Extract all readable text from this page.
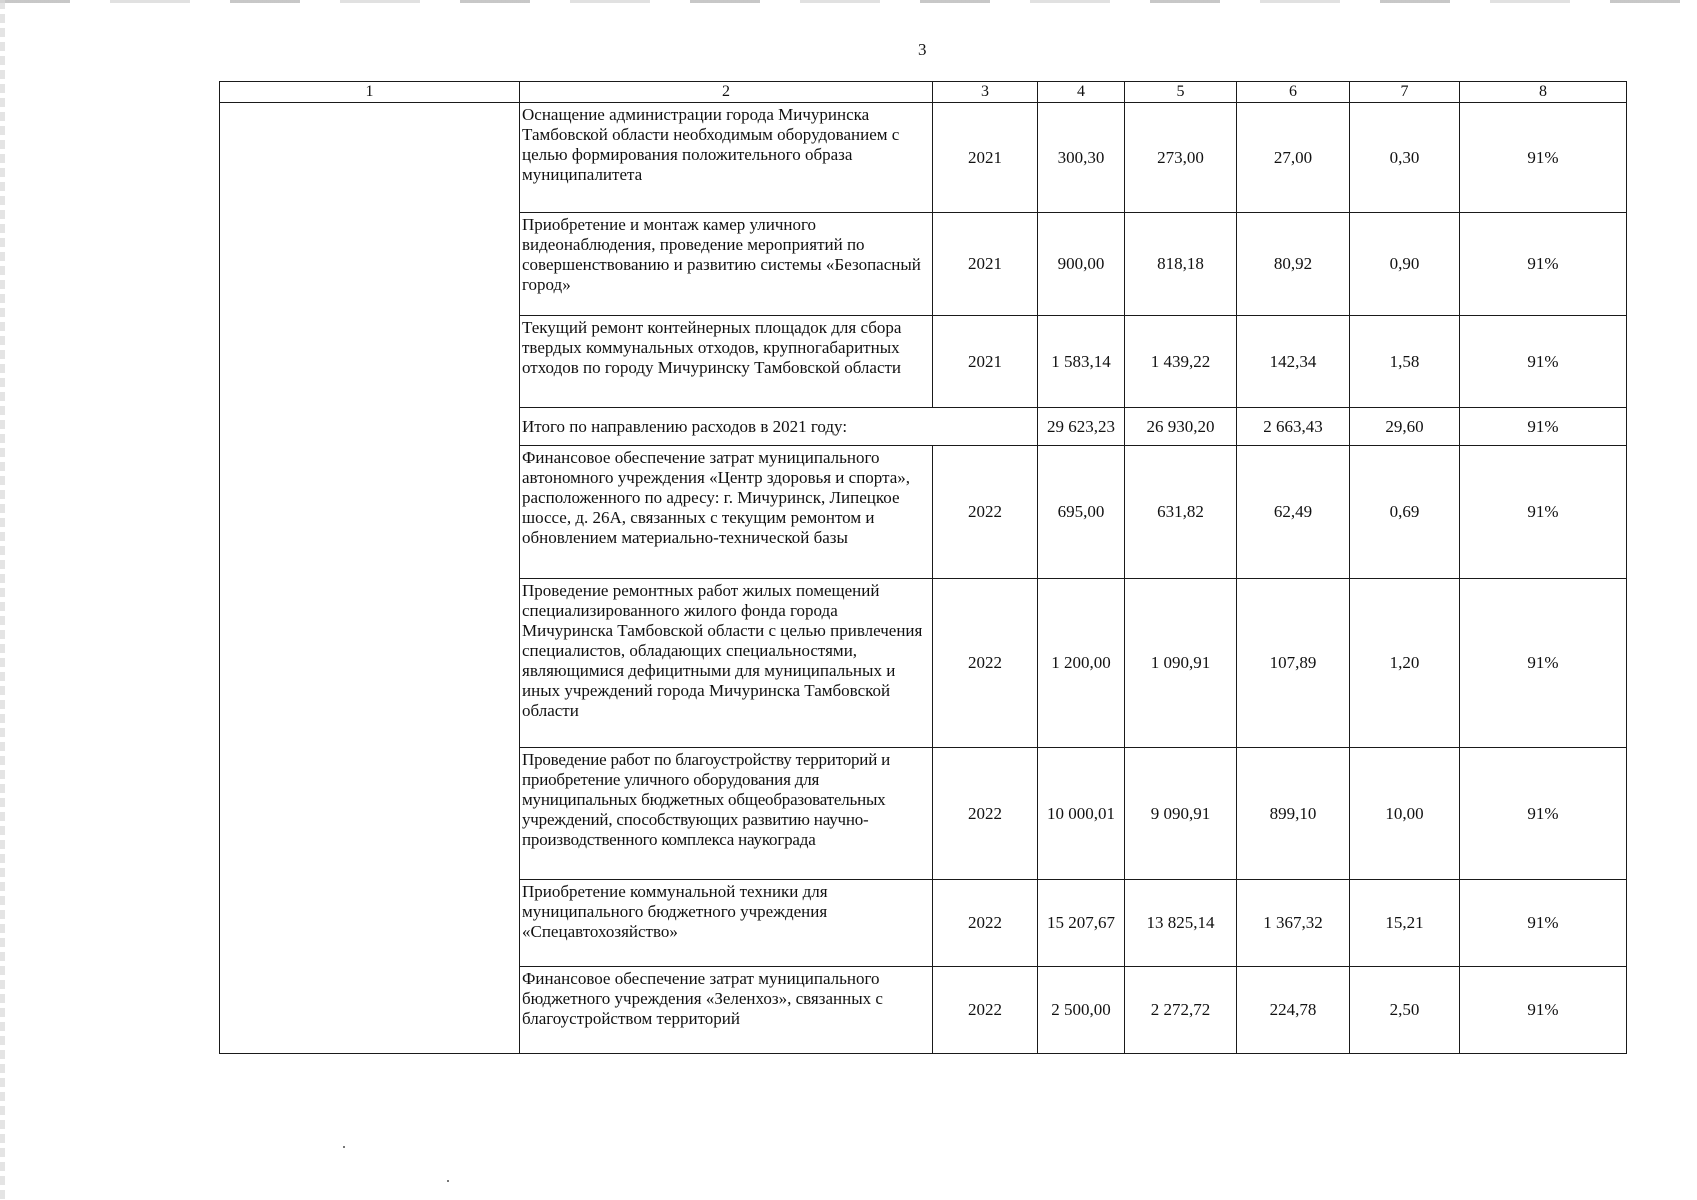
3
1	2	3	4	5	6	7	8
	Оснащение администрации города Мичуринска Тамбовской области необходимым оборудованием с целью формирования положительного образа муниципалитета	2021	300,30	273,00	27,00	0,30	91%
	Приобретение и монтаж камер уличного видеонаблюдения, проведение мероприятий по совершенствованию и развитию системы «Безопасный город»	2021	900,00	818,18	80,92	0,90	91%
	Текущий ремонт контейнерных площадок для сбора твердых коммунальных отходов, крупногабаритных отходов по городу Мичуринску Тамбовской области	2021	1 583,14	1 439,22	142,34	1,58	91%
	Итого по направлению расходов в 2021 году:		29 623,23	26 930,20	2 663,43	29,60	91%
	Финансовое обеспечение затрат муниципального автономного учреждения «Центр здоровья и спорта», расположенного по адресу: г. Мичуринск, Липецкое шоссе, д. 26А, связанных с текущим ремонтом и обновлением материально-технической базы	2022	695,00	631,82	62,49	0,69	91%
	Проведение ремонтных работ жилых помещений специализированного жилого фонда города Мичуринска Тамбовской области с целью привлечения специалистов, обладающих специальностями, являющимися дефицитными для муниципальных и иных учреждений города Мичуринска Тамбовской области	2022	1 200,00	1 090,91	107,89	1,20	91%
	Проведение работ по благоустройству территорий и приобретение уличного оборудования для муниципальных бюджетных общеобразовательных учреждений, способствующих развитию научно-производственного комплекса наукограда	2022	10 000,01	9 090,91	899,10	10,00	91%
	Приобретение коммунальной техники для муниципального бюджетного учреждения «Спецавтохозяйство»	2022	15 207,67	13 825,14	1 367,32	15,21	91%
	Финансовое обеспечение затрат муниципального бюджетного учреждения «Зеленхоз», связанных с благоустройством территорий	2022	2 500,00	2 272,72	224,78	2,50	91%
